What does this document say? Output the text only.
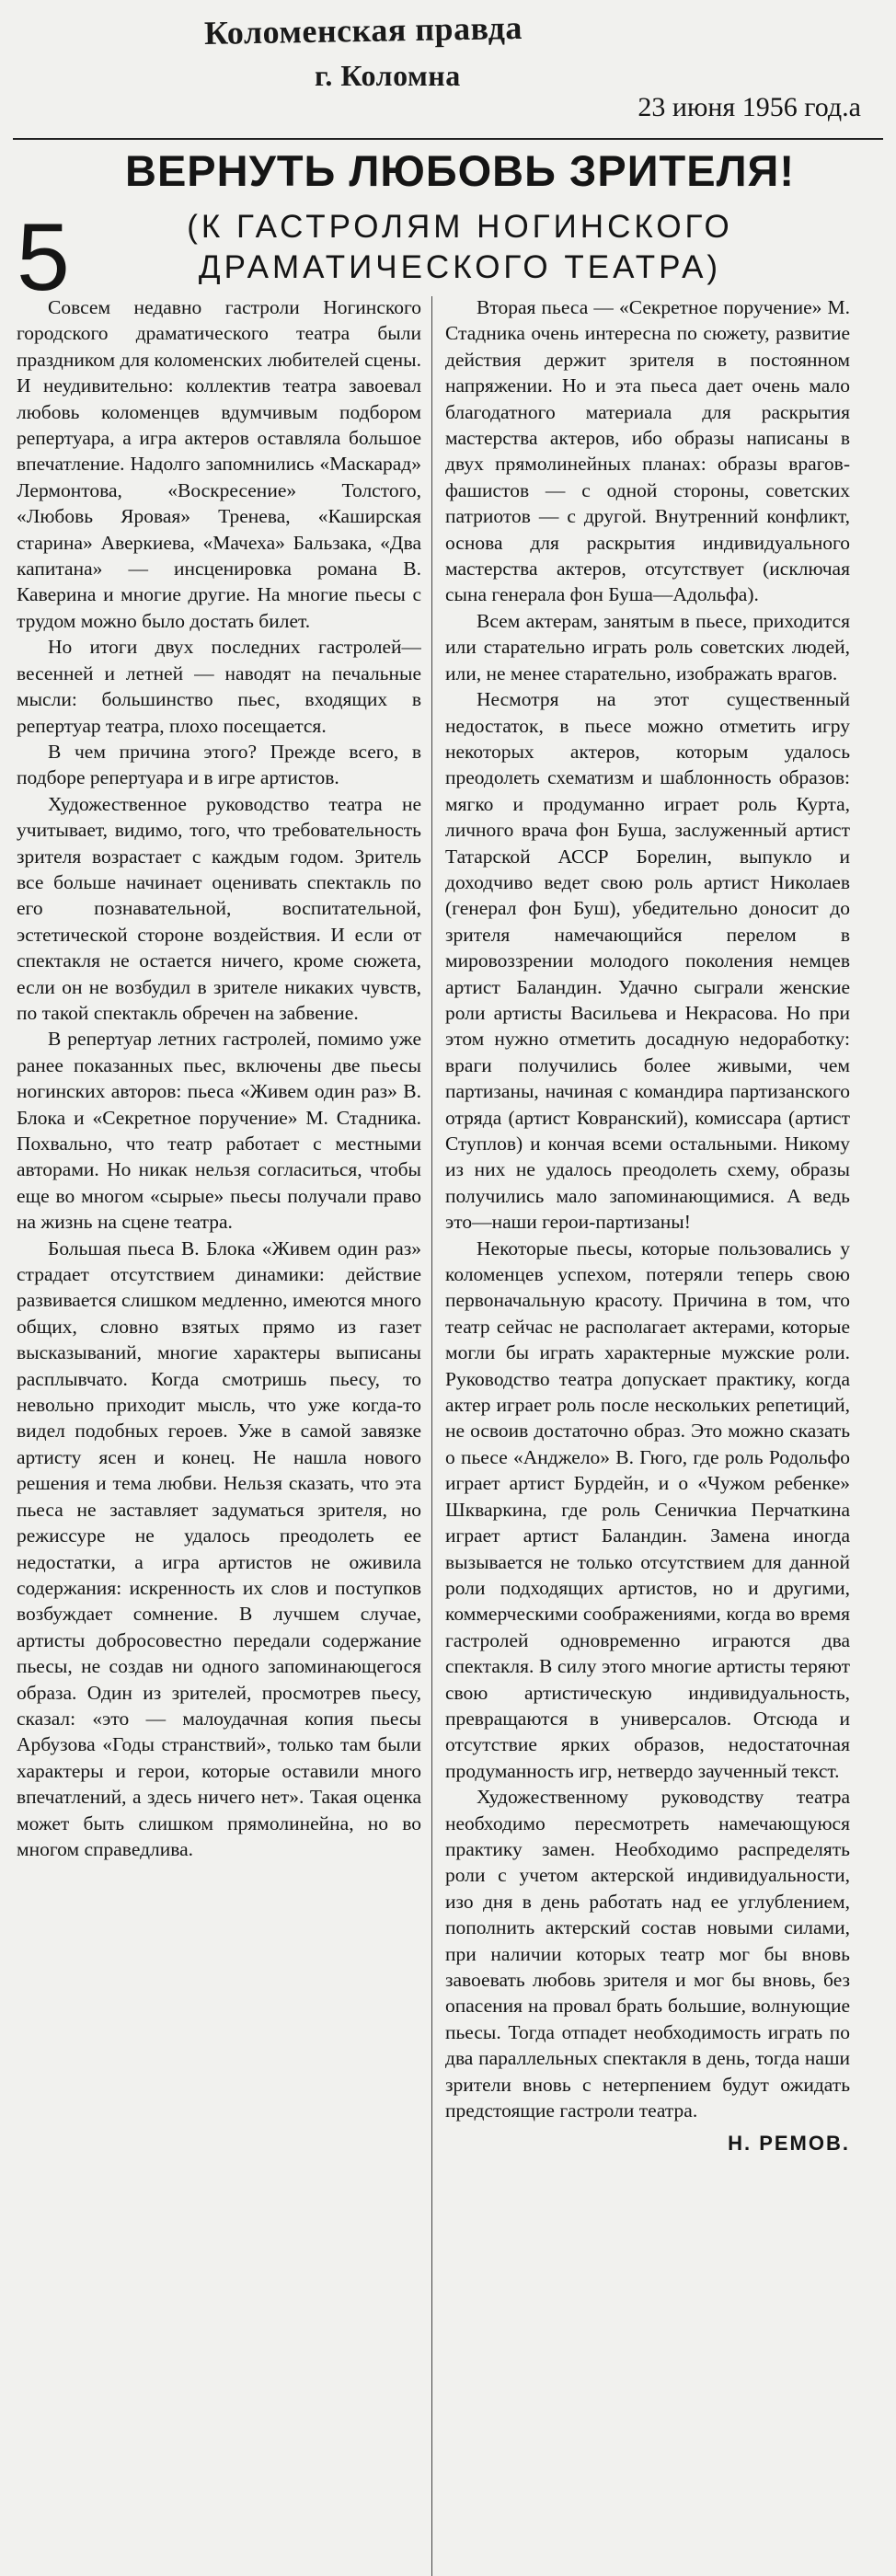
Коломенская правда
г. Коломна
23 июня 1956 год.а
5
ВЕРНУТЬ ЛЮБОВЬ ЗРИТЕЛЯ!
(К ГАСТРОЛЯМ НОГИНСКОГО
ДРАМАТИЧЕСКОГО ТЕАТРА)

Совсем недавно гастроли Ногинского городского драматического театра были праздником для коломенских любителей сцены. И неудивительно: коллектив театра завоевал любовь коломенцев вдумчивым подбором репертуара, а игра актеров оставляла большое впечатление. Надолго запомнились «Маскарад» Лермонтова, «Воскресение» Толстого, «Любовь Яровая» Тренева, «Каширская старина» Аверкиева, «Мачеха» Бальзака, «Два капитана» — инсценировка романа В. Каверина и многие другие. На многие пьесы с трудом можно было достать билет.

Но итоги двух последних гастролей—весенней и летней — наводят на печальные мысли: большинство пьес, входящих в репертуар театра, плохо посещается.

В чем причина этого? Прежде всего, в подборе репертуара и в игре артистов.

Художественное руководство театра не учитывает, видимо, того, что требовательность зрителя возрастает с каждым годом. Зритель все больше начинает оценивать спектакль по его познавательной, воспитательной, эстетической стороне воздействия. И если от спектакля не остается ничего, кроме сюжета, если он не возбудил в зрителе никаких чувств, по такой спектакль обречен на забвение.

В репертуар летних гастролей, помимо уже ранее показанных пьес, включены две пьесы ногинских авторов: пьеса «Живем один раз» В. Блока и «Секретное поручение» М. Стадника. Похвально, что театр работает с местными авторами. Но никак нельзя согласиться, чтобы еще во многом «сырые» пьесы получали право на жизнь на сцене театра.

Большая пьеса В. Блока «Живем один раз» страдает отсутствием динамики: действие развивается слишком медленно, имеются много общих, словно взятых прямо из газет высказываний, многие характеры выписаны расплывчато. Когда смотришь пьесу, то невольно приходит мысль, что уже когда-то видел подобных героев. Уже в самой завязке артисту ясен и конец. Не нашла нового решения и тема любви. Нельзя сказать, что эта пьеса не заставляет задуматься зрителя, но режиссуре не удалось преодолеть ее недостатки, а игра артистов не оживила содержания: искренность их слов и поступков возбуждает сомнение. В лучшем случае, артисты добросовестно передали содержание пьесы, не создав ни одного запоминающегося образа. Один из зрителей, просмотрев пьесу, сказал: «это — малоудачная копия пьесы Арбузова «Годы странствий», только там были характеры и герои, которые оставили много впечатлений, а здесь ничего нет». Такая оценка может быть слишком прямолинейна, но во многом справедлива.

Вторая пьеса — «Секретное поручение» М. Стадника очень интересна по сюжету, развитие действия держит зрителя в постоянном напряжении. Но и эта пьеса дает очень мало благодатного материала для раскрытия мастерства актеров, ибо образы написаны в двух прямолинейных планах: образы врагов-фашистов — с одной стороны, советских патриотов — с другой. Внутренний конфликт, основа для раскрытия индивидуального мастерства актеров, отсутствует (исключая сына генерала фон Буша—Адольфа).

Всем актерам, занятым в пьесе, приходится или старательно играть роль советских людей, или, не менее старательно, изображать врагов.

Несмотря на этот существенный недостаток, в пьесе можно отметить игру некоторых актеров, которым удалось преодолеть схематизм и шаблонность образов: мягко и продуманно играет роль Курта, личного врача фон Буша, заслуженный артист Татарской АССР Борелин, выпукло и доходчиво ведет свою роль артист Николаев (генерал фон Буш), убедительно доносит до зрителя намечающийся перелом в мировоззрении молодого поколения немцев артист Баландин. Удачно сыграли женские роли артисты Васильева и Некрасова. Но при этом нужно отметить досадную недоработку: враги получились более живыми, чем партизаны, начиная с командира партизанского отряда (артист Ковранский), комиссара (артист Ступлов) и кончая всеми остальными. Никому из них не удалось преодолеть схему, образы получились мало запоминающимися. А ведь это—наши герои-партизаны!

Некоторые пьесы, которые пользовались у коломенцев успехом, потеряли теперь свою первоначальную красоту. Причина в том, что театр сейчас не располагает актерами, которые могли бы играть характерные мужские роли. Руководство театра допускает практику, когда актер играет роль после нескольких репетиций, не освоив достаточно образ. Это можно сказать о пьесе «Анджело» В. Гюго, где роль Родольфо играет артист Бурдейн, и о «Чужом ребенке» Шкваркина, где роль Сеничкиа Перчаткина играет артист Баландин. Замена иногда вызывается не только отсутствием для данной роли подходящих артистов, но и другими, коммерческими соображениями, когда во время гастролей одновременно играются два спектакля. В силу этого многие артисты теряют свою артистическую индивидуальность, превращаются в универсалов. Отсюда и отсутствие ярких образов, недостаточная продуманность игр, нетвердо заученный текст.

Художественному руководству театра необходимо пересмотреть намечающуюся практику замен. Необходимо распределять роли с учетом актерской индивидуальности, изо дня в день работать над ее углублением, пополнить актерский состав новыми силами, при наличии которых театр мог бы вновь завоевать любовь зрителя и мог бы вновь, без опасения на провал брать большие, волнующие пьесы. Тогда отпадет необходимость играть по два параллельных спектакля в день, тогда наши зрители вновь с нетерпением будут ожидать предстоящие гастроли театра.

Н. РЕМОВ.
